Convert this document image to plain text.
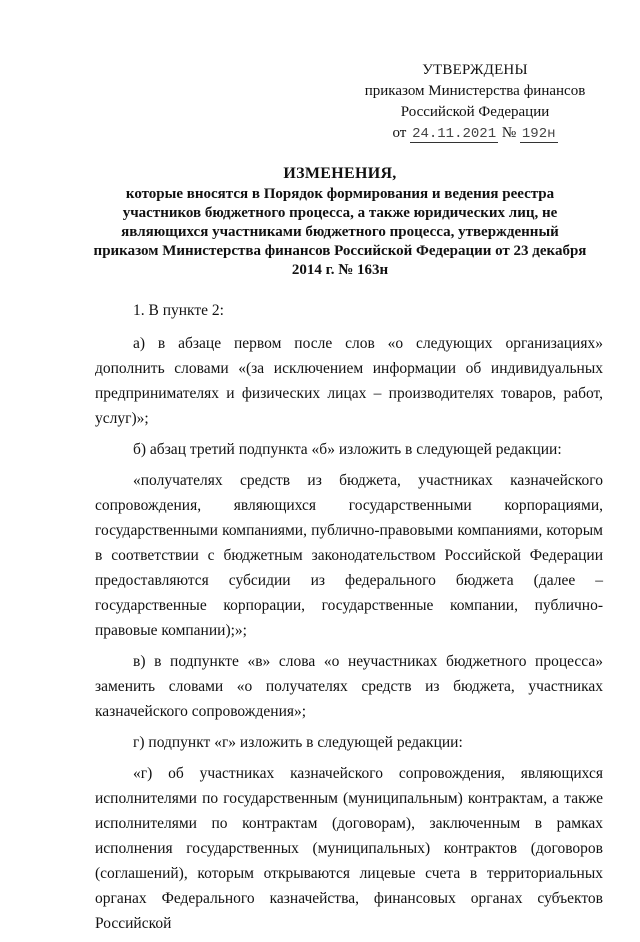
УТВЕРЖДЕНЫ
приказом Министерства финансов
Российской Федерации
от 24.11.2021 № 192н
ИЗМЕНЕНИЯ,
которые вносятся в Порядок формирования и ведения реестра участников бюджетного процесса, а также юридических лиц, не являющихся участниками бюджетного процесса, утвержденный приказом Министерства финансов Российской Федерации от 23 декабря 2014 г. № 163н

1. В пункте 2:

а) в абзаце первом после слов «о следующих организациях» дополнить словами «(за исключением информации об индивидуальных предпринимателях и физических лицах – производителях товаров, работ, услуг)»;

б) абзац третий подпункта «б» изложить в следующей редакции:

«получателях средств из бюджета, участниках казначейского сопровождения, являющихся государственными корпорациями, государственными компаниями, публично-правовыми компаниями, которым в соответствии с бюджетным законодательством Российской Федерации предоставляются субсидии из федерального бюджета (далее – государственные корпорации, государственные компании, публично-правовые компании);»;

в) в подпункте «в» слова «о неучастниках бюджетного процесса» заменить словами «о получателях средств из бюджета, участниках казначейского сопровождения»;

г) подпункт «г» изложить в следующей редакции:

«г) об участниках казначейского сопровождения, являющихся исполнителями по государственным (муниципальным) контрактам, а также исполнителями по контрактам (договорам), заключенным в рамках исполнения государственных (муниципальных) контрактов (договоров (соглашений), которым открываются лицевые счета в территориальных органах Федерального казначейства, финансовых органах субъектов Российской
